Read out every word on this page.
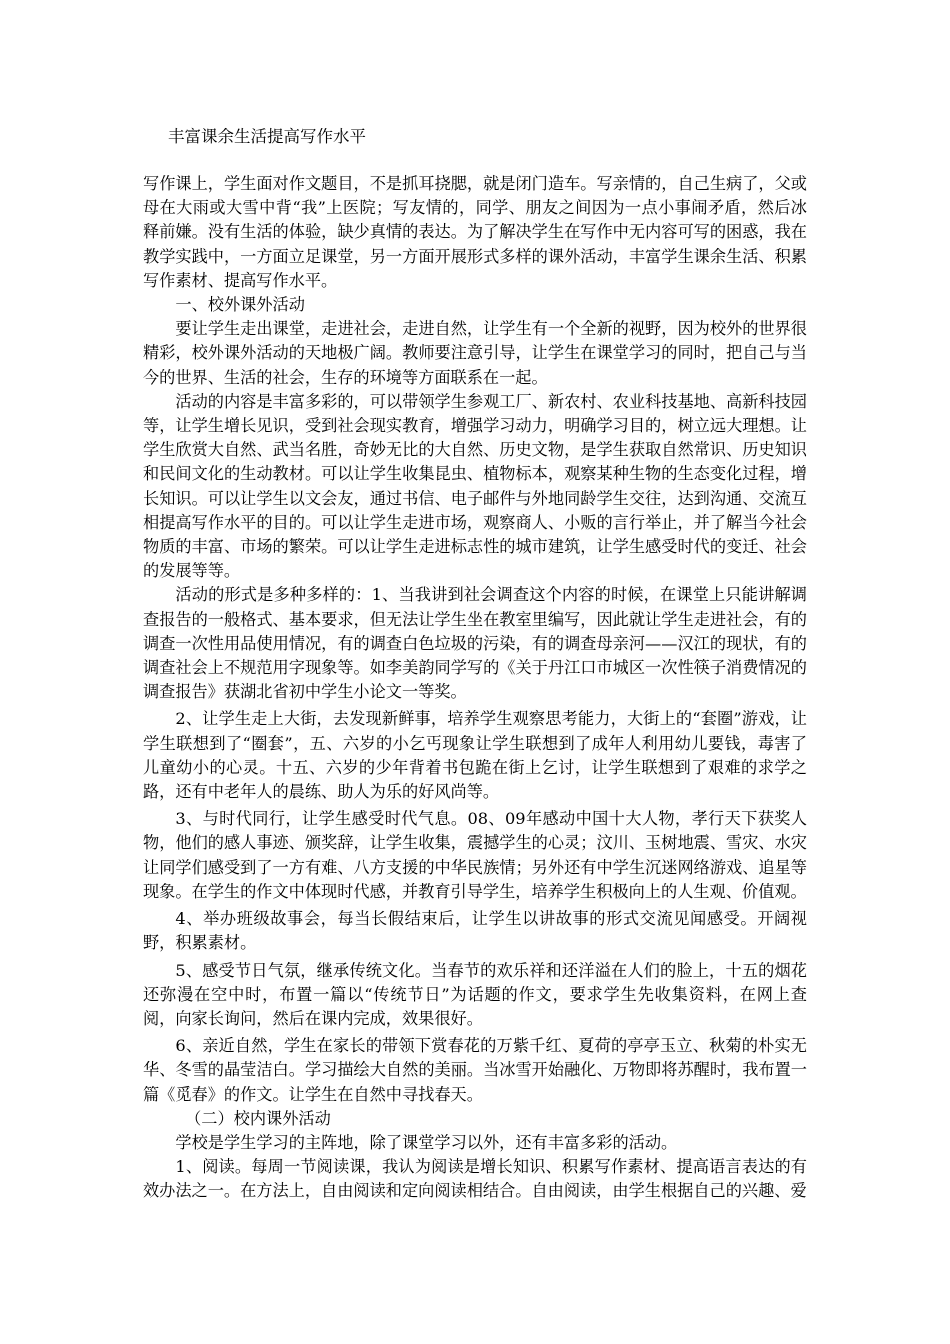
丰富课余生活提高写作水平

写作课上，学生面对作文题目，不是抓耳挠腮，就是闭门造车。写亲情的，自己生病了，父或母在大雨或大雪中背“我”上医院；写友情的，同学、朋友之间因为一点小事闹矛盾，然后冰释前嫌。没有生活的体验，缺少真情的表达。为了解决学生在写作中无内容可写的困惑，我在教学实践中，一方面立足课堂，另一方面开展形式多样的课外活动，丰富学生课余生活、积累写作素材、提高写作水平。

一、校外课外活动

要让学生走出课堂，走进社会，走进自然，让学生有一个全新的视野，因为校外的世界很精彩，校外课外活动的天地极广阔。教师要注意引导，让学生在课堂学习的同时，把自己与当今的世界、生活的社会，生存的环境等方面联系在一起。

活动的内容是丰富多彩的，可以带领学生参观工厂、新农村、农业科技基地、高新科技园等，让学生增长见识，受到社会现实教育，增强学习动力，明确学习目的，树立远大理想。让学生欣赏大自然、武当名胜，奇妙无比的大自然、历史文物，是学生获取自然常识、历史知识和民间文化的生动教材。可以让学生收集昆虫、植物标本，观察某种生物的生态变化过程，增长知识。可以让学生以文会友，通过书信、电子邮件与外地同龄学生交往，达到沟通、交流互相提高写作水平的目的。可以让学生走进市场，观察商人、小贩的言行举止，并了解当今社会物质的丰富、市场的繁荣。可以让学生走进标志性的城市建筑，让学生感受时代的变迁、社会的发展等等。

活动的形式是多种多样的：1、当我讲到社会调查这个内容的时候，在课堂上只能讲解调查报告的一般格式、基本要求，但无法让学生坐在教室里编写，因此就让学生走进社会，有的调查一次性用品使用情况，有的调查白色垃圾的污染，有的调查母亲河——汉江的现状，有的调查社会上不规范用字现象等。如李美韵同学写的《关于丹江口市城区一次性筷子消费情况的调查报告》获湖北省初中学生小论文一等奖。

2、让学生走上大街，去发现新鲜事，培养学生观察思考能力，大街上的“套圈”游戏，让学生联想到了“圈套”，五、六岁的小乞丐现象让学生联想到了成年人利用幼儿要钱，毒害了儿童幼小的心灵。十五、六岁的少年背着书包跪在街上乞讨，让学生联想到了艰难的求学之路，还有中老年人的晨练、助人为乐的好风尚等。

3、与时代同行，让学生感受时代气息。08、09年感动中国十大人物，孝行天下获奖人物，他们的感人事迹、颁奖辞，让学生收集，震撼学生的心灵；汶川、玉树地震、雪灾、水灾让同学们感受到了一方有难、八方支援的中华民族情；另外还有中学生沉迷网络游戏、追星等现象。在学生的作文中体现时代感，并教育引导学生，培养学生积极向上的人生观、价值观。

4、举办班级故事会，每当长假结束后，让学生以讲故事的形式交流见闻感受。开阔视野，积累素材。

5、感受节日气氛，继承传统文化。当春节的欢乐祥和还洋溢在人们的脸上，十五的烟花还弥漫在空中时，布置一篇以“传统节日”为话题的作文，要求学生先收集资料，在网上查阅，向家长询问，然后在课内完成，效果很好。

6、亲近自然，学生在家长的带领下赏春花的万紫千红、夏荷的亭亭玉立、秋菊的朴实无华、冬雪的晶莹洁白。学习描绘大自然的美丽。当冰雪开始融化、万物即将苏醒时，我布置一篇《觅春》的作文。让学生在自然中寻找春天。

（二）校内课外活动

学校是学生学习的主阵地，除了课堂学习以外，还有丰富多彩的活动。

1、阅读。每周一节阅读课，我认为阅读是增长知识、积累写作素材、提高语言表达的有效办法之一。在方法上，自由阅读和定向阅读相结合。自由阅读，由学生根据自己的兴趣、爱
